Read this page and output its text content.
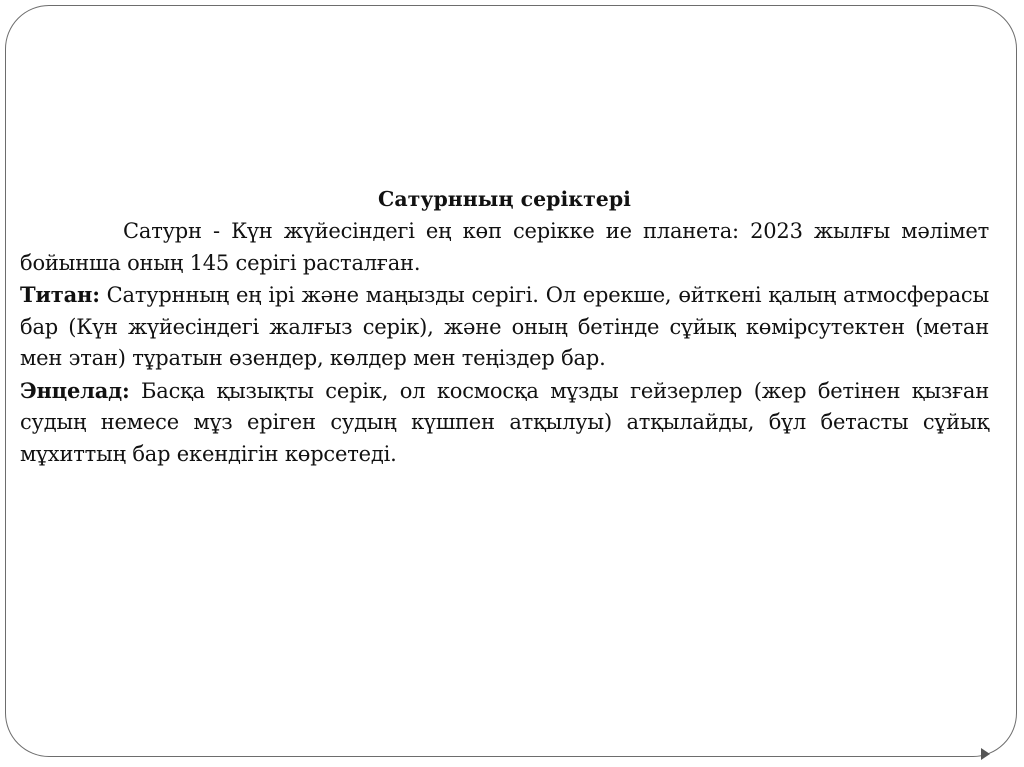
Сатурнның серіктері

Сатурн - Күн жүйесіндегі ең көп серікке ие планета: 2023 жылғы мәлімет бойынша оның 145 серігі расталған.

Титан: Сатурнның ең ірі және маңызды серігі. Ол ерекше, өйткені қалың атмосферасы бар (Күн жүйесіндегі жалғыз серік), және оның бетінде сұйық көмірсутектен (метан мен этан) тұратын өзендер, көлдер мен теңіздер бар.

Энцелад: Басқа қызықты серік, ол космосқа мұзды гейзерлер (жер бетінен қызған судың немесе мұз еріген судың күшпен атқылуы) атқылайды, бұл бетасты сұйық мұхиттың бар екендігін көрсетеді.
